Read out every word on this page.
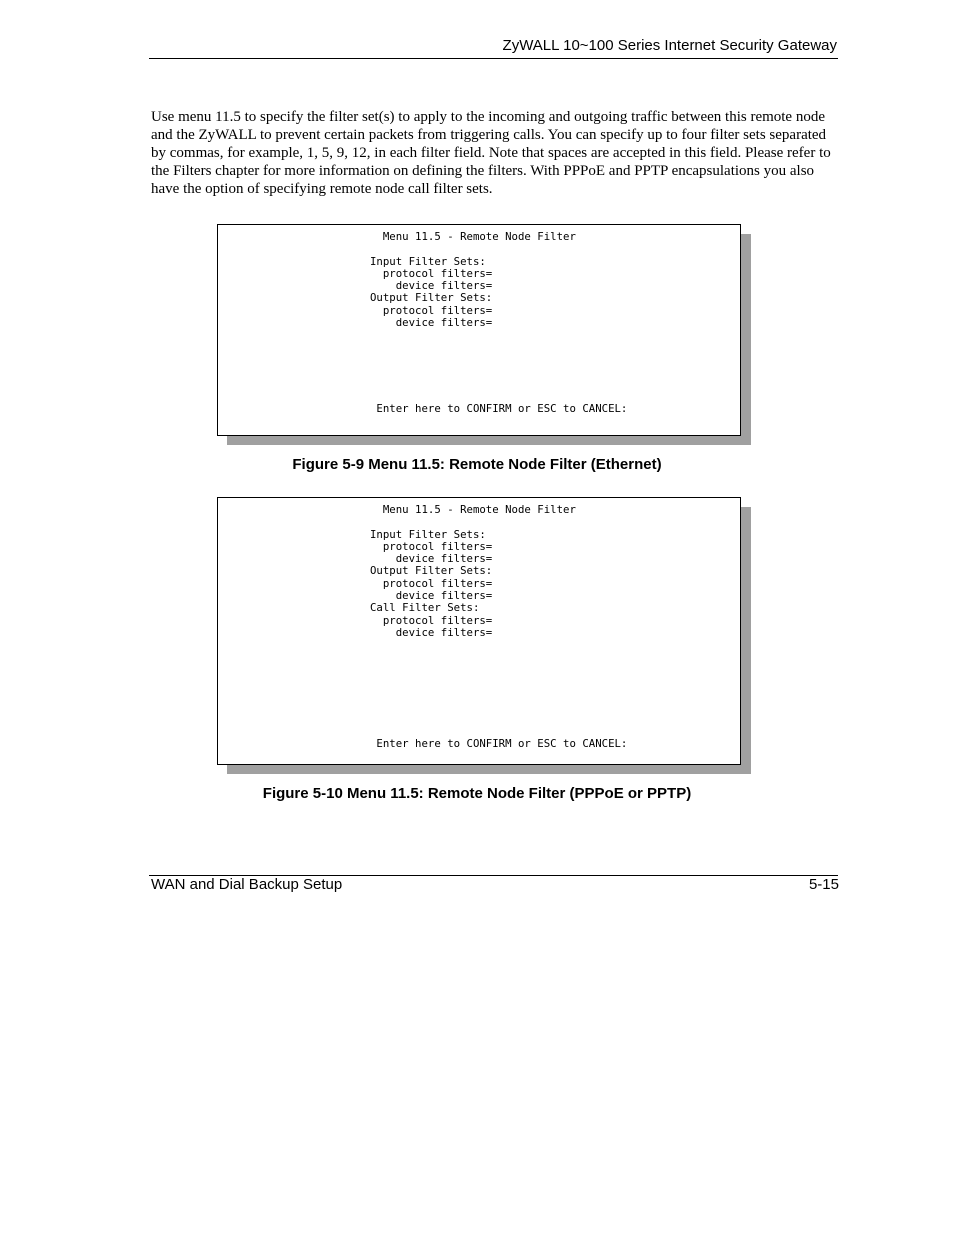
ZyWALL 10~100 Series Internet Security Gateway

Use menu 11.5 to specify the filter set(s) to apply to the incoming and outgoing traffic between this remote node and the ZyWALL to prevent certain packets from triggering calls. You can specify up to four filter sets separated by commas, for example, 1, 5, 9, 12, in each filter field. Note that spaces are accepted in this field. Please refer to the Filters chapter for more information on defining the filters. With PPPoE and PPTP encapsulations you also have the option of specifying remote node call filter sets.

Menu 11.5 - Remote Node Filter
Input Filter Sets:
protocol filters=
device filters=
Output Filter Sets:
protocol filters=
device filters=
Enter here to CONFIRM or ESC to CANCEL:
Figure 5-9 Menu 11.5: Remote Node Filter (Ethernet)
Menu 11.5 - Remote Node Filter
Input Filter Sets:
protocol filters=
device filters=
Output Filter Sets:
protocol filters=
device filters=
Call Filter Sets:
protocol filters=
device filters=
Enter here to CONFIRM or ESC to CANCEL:
Figure 5-10 Menu 11.5: Remote Node Filter (PPPoE or PPTP)
WAN and Dial Backup Setup	5-15
